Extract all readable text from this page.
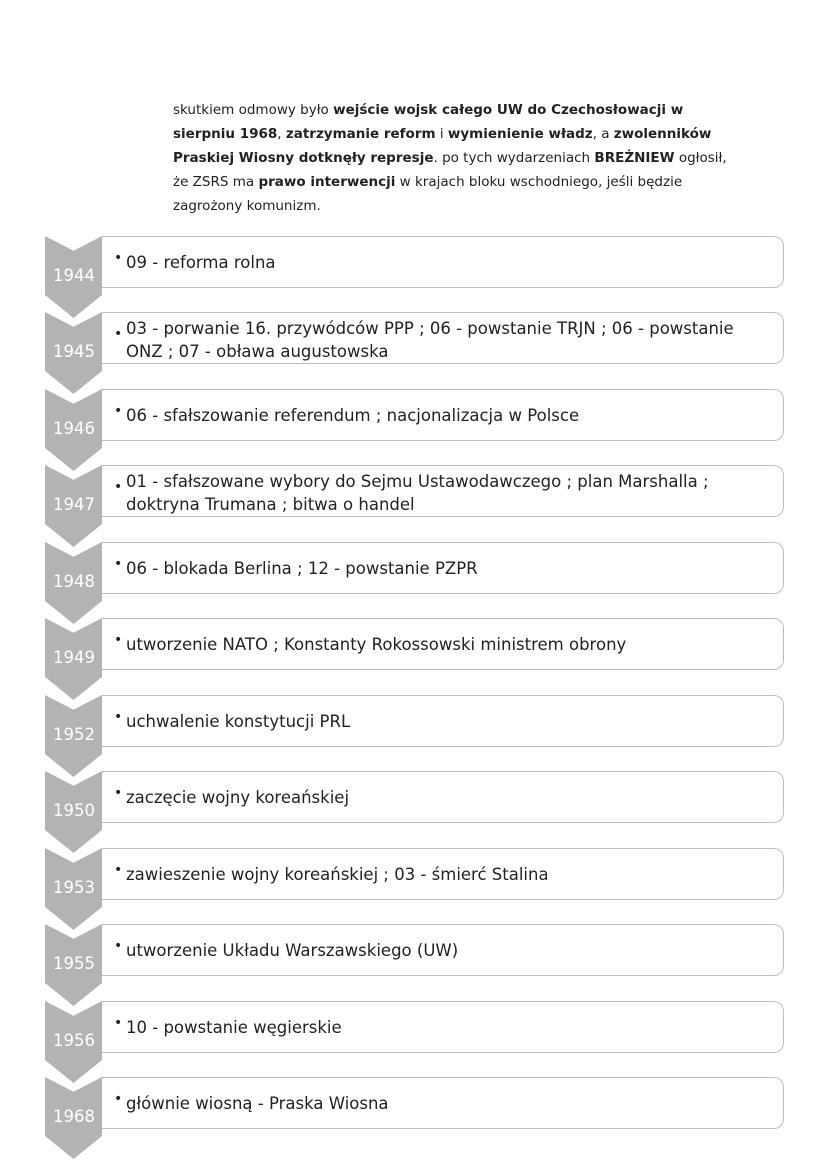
skutkiem odmowy było wejście wojsk całego UW do Czechosłowacji w sierpniu 1968, zatrzymanie reform i wymienienie władz, a zwolenników Praskiej Wiosny dotknęły represje. po tych wydarzeniach BREŻNIEW ogłosił, że ZSRS ma prawo interwencji w krajach bloku wschodniego, jeśli będzie zagrożony komunizm.
1944
• 09 - reforma rolna
1945
• 03 - porwanie 16. przywódców PPP ; 06 - powstanie TRJN ; 06 - powstanie ONZ ; 07 - obława augustowska
1946
• 06 - sfałszowanie referendum ; nacjonalizacja w Polsce
1947
• 01 - sfałszowane wybory do Sejmu Ustawodawczego ; plan Marshalla ; doktryna Trumana ; bitwa o handel
1948
• 06 - blokada Berlina ; 12 - powstanie PZPR
1949
• utworzenie NATO ; Konstanty Rokossowski ministrem obrony
1952
• uchwalenie konstytucji PRL
1950
• zaczęcie wojny koreańskiej
1953
• zawieszenie wojny koreańskiej ; 03 - śmierć Stalina
1955
• utworzenie Układu Warszawskiego (UW)
1956
• 10 - powstanie węgierskie
1968
• głównie wiosną - Praska Wiosna
